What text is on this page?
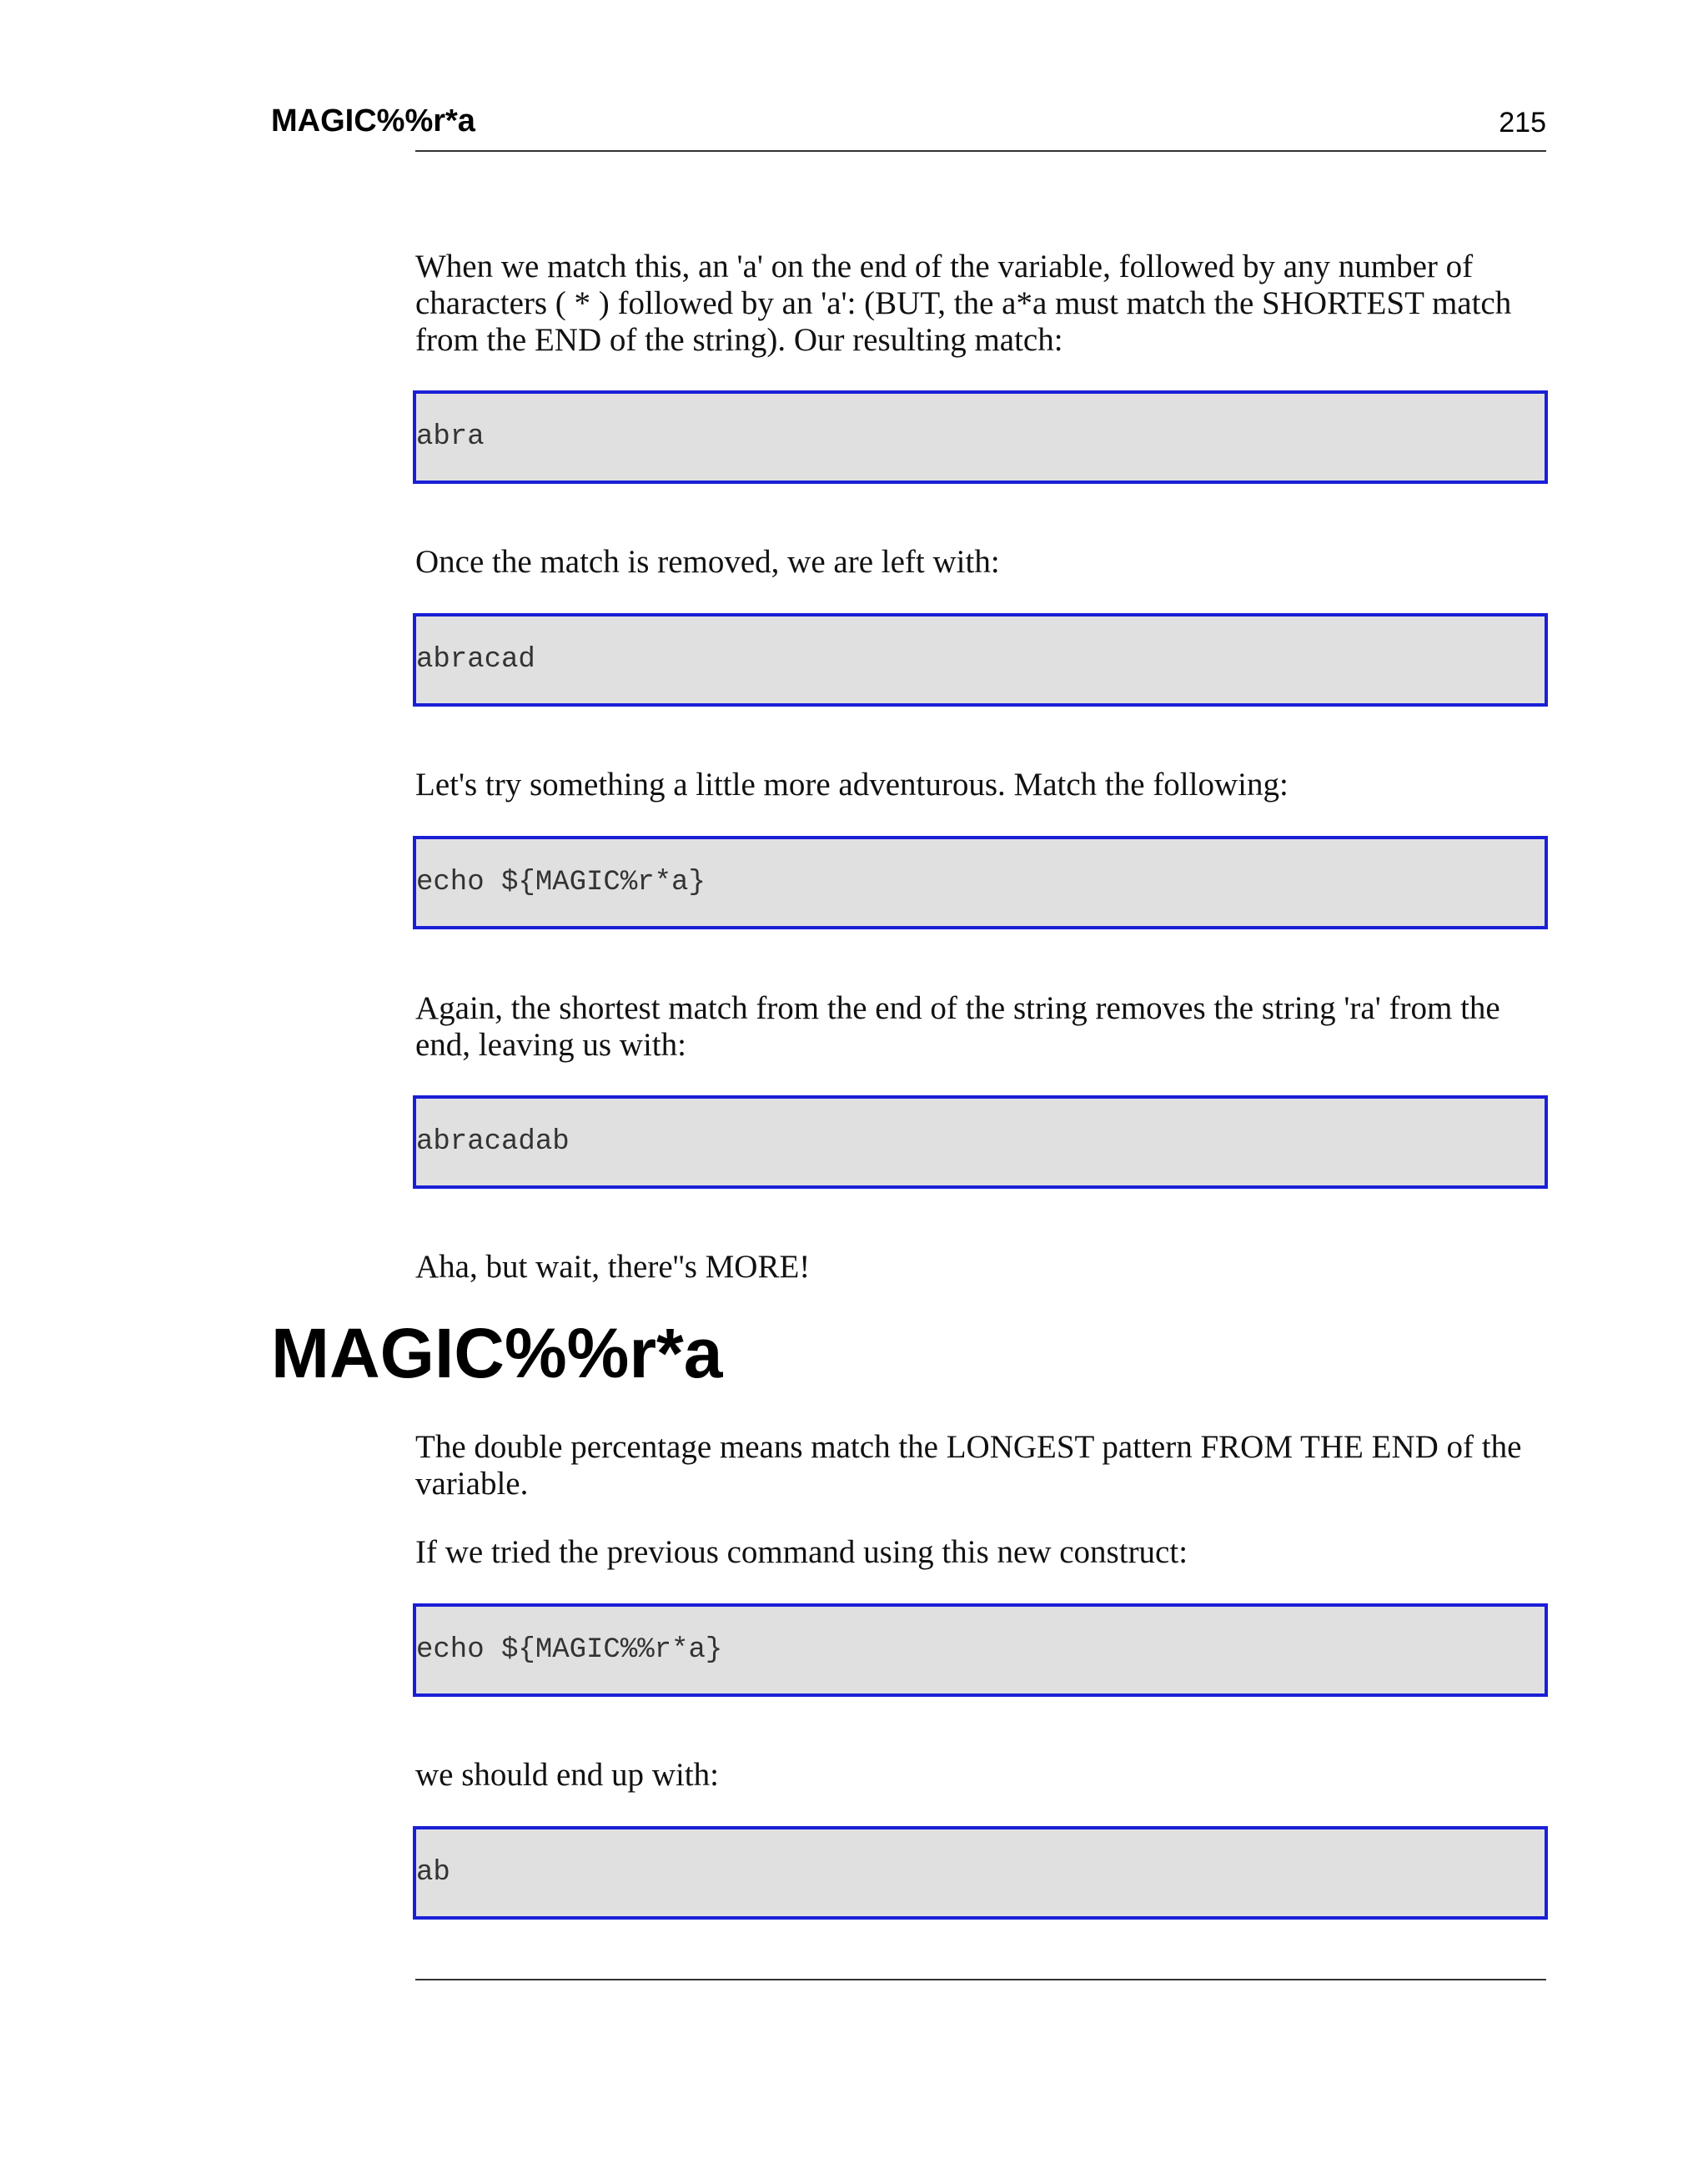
MAGIC%%r*a	215

When we match this, an 'a' on the end of the variable, followed by any number of characters ( * ) followed by an 'a': (BUT, the a*a must match the SHORTEST match from the END of the string). Our resulting match:

abra

Once the match is removed, we are left with:

abracad

Let's try something a little more adventurous. Match the following:

echo ${MAGIC%r*a}

Again, the shortest match from the end of the string removes the string 'ra' from the end, leaving us with:

abracadab

Aha, but wait, there''s MORE!

MAGIC%%r*a

The double percentage means match the LONGEST pattern FROM THE END of the variable.

If we tried the previous command using this new construct:

echo ${MAGIC%%r*a}

we should end up with:

ab
